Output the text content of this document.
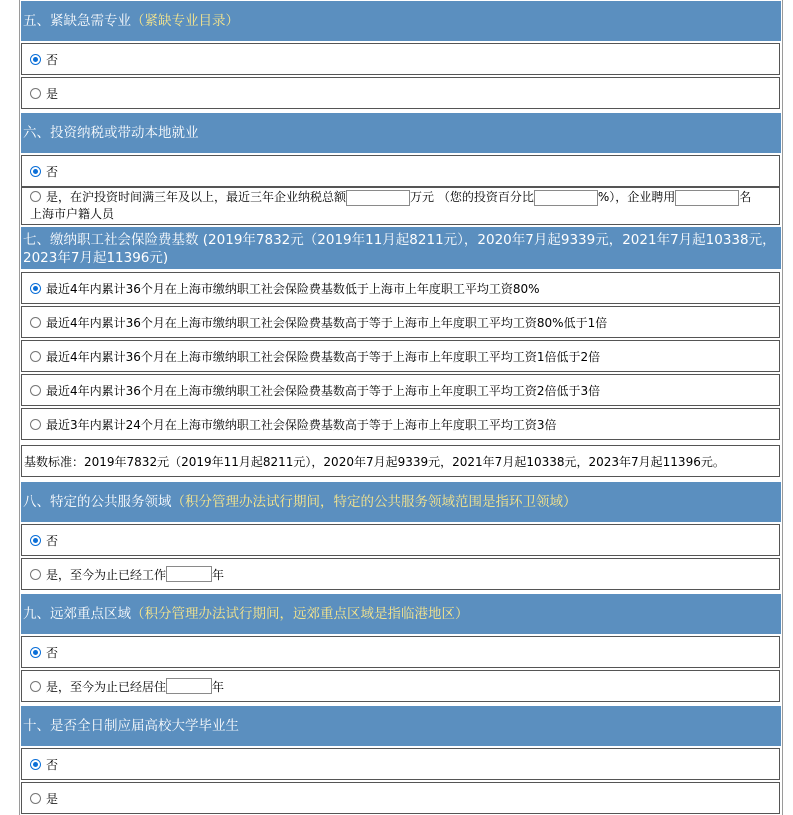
五、紧缺急需专业 （紧缺专业目录）
否
是
六、投资纳税或带动本地就业
否
是，在沪投资时间满三年及以上，最近三年企业纳税总额	万元 （您的投资百分比	%），企业聘用	名
上海市户籍人员
七、缴纳职工社会保险费基数 (2019年7832元（2019年11月起8211元），2020年7月起9339元，2021年7月起10338元，2023年7月起11396元)
最近4年内累计36个月在上海市缴纳职工社会保险费基数低于上海市上年度职工平均工资80%
最近4年内累计36个月在上海市缴纳职工社会保险费基数高于等于上海市上年度职工平均工资80%低于1倍
最近4年内累计36个月在上海市缴纳职工社会保险费基数高于等于上海市上年度职工平均工资1倍低于2倍
最近4年内累计36个月在上海市缴纳职工社会保险费基数高于等于上海市上年度职工平均工资2倍低于3倍
最近3年内累计24个月在上海市缴纳职工社会保险费基数高于等于上海市上年度职工平均工资3倍
基数标准：2019年7832元（2019年11月起8211元），2020年7月起9339元，2021年7月起10338元，2023年7月起11396元。
八、特定的公共服务领域 （积分管理办法试行期间，特定的公共服务领域范围是指环卫领域）
否
是，至今为止已经工作	年
九、远郊重点区域 （积分管理办法试行期间，远郊重点区域是指临港地区）
否
是，至今为止已经居住	年
十、是否全日制应届高校大学毕业生
否
是
